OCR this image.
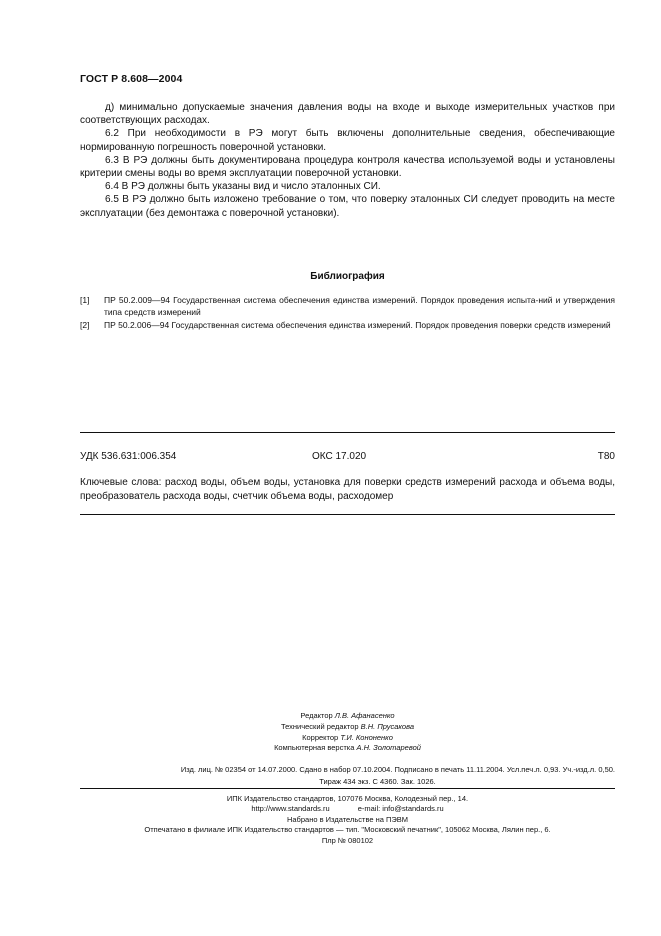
ГОСТ Р 8.608—2004

д) минимально допускаемые значения давления воды на входе и выходе измерительных участков при соответствующих расходах.

6.2 При необходимости в РЭ могут быть включены дополнительные сведения, обеспечивающие нормированную погрешность поверочной установки.

6.3 В РЭ должны быть документирована процедура контроля качества используемой воды и установлены критерии смены воды во время эксплуатации поверочной установки.

6.4 В РЭ должны быть указаны вид и число эталонных СИ.

6.5 В РЭ должно быть изложено требование о том, что поверку эталонных СИ следует проводить на месте эксплуатации (без демонтажа с поверочной установки).

Библиография
[1]	ПР 50.2.009—94 Государственная система обеспечения единства измерений. Порядок проведения испыта-ний и утверждения типа средств измерений
[2]	ПР 50.2.006—94 Государственная система обеспечения единства измерений. Порядок проведения поверки средств измерений
УДК 536.631:006.354	ОКС 17.020	Т80
Ключевые слова: расход воды, объем воды, установка для поверки средств измерений расхода и объема воды, преобразователь расхода воды, счетчик объема воды, расходомер
Редактор Л.В. Афанасенко
Технический редактор В.Н. Прусакова
Корректор Т.И. Кононенко
Компьютерная верстка А.Н. Золотаревой
Изд. лиц. № 02354 от 14.07.2000. Сдано в набор 07.10.2004. Подписано в печать 11.11.2004. Усл.печ.л. 0,93. Уч.-изд.л. 0,50.
Тираж 434 экз. С 4360. Зак. 1026.
ИПК Издательство стандартов, 107076 Москва, Колодезный пер., 14.
http://www.standards.ru	e-mail: info@standards.ru
Набрано в Издательстве на ПЭВМ
Отпечатано в филиале ИПК Издательство стандартов — тип. "Московский печатник", 105062 Москва, Лялин пер., 6.
Плр № 080102
